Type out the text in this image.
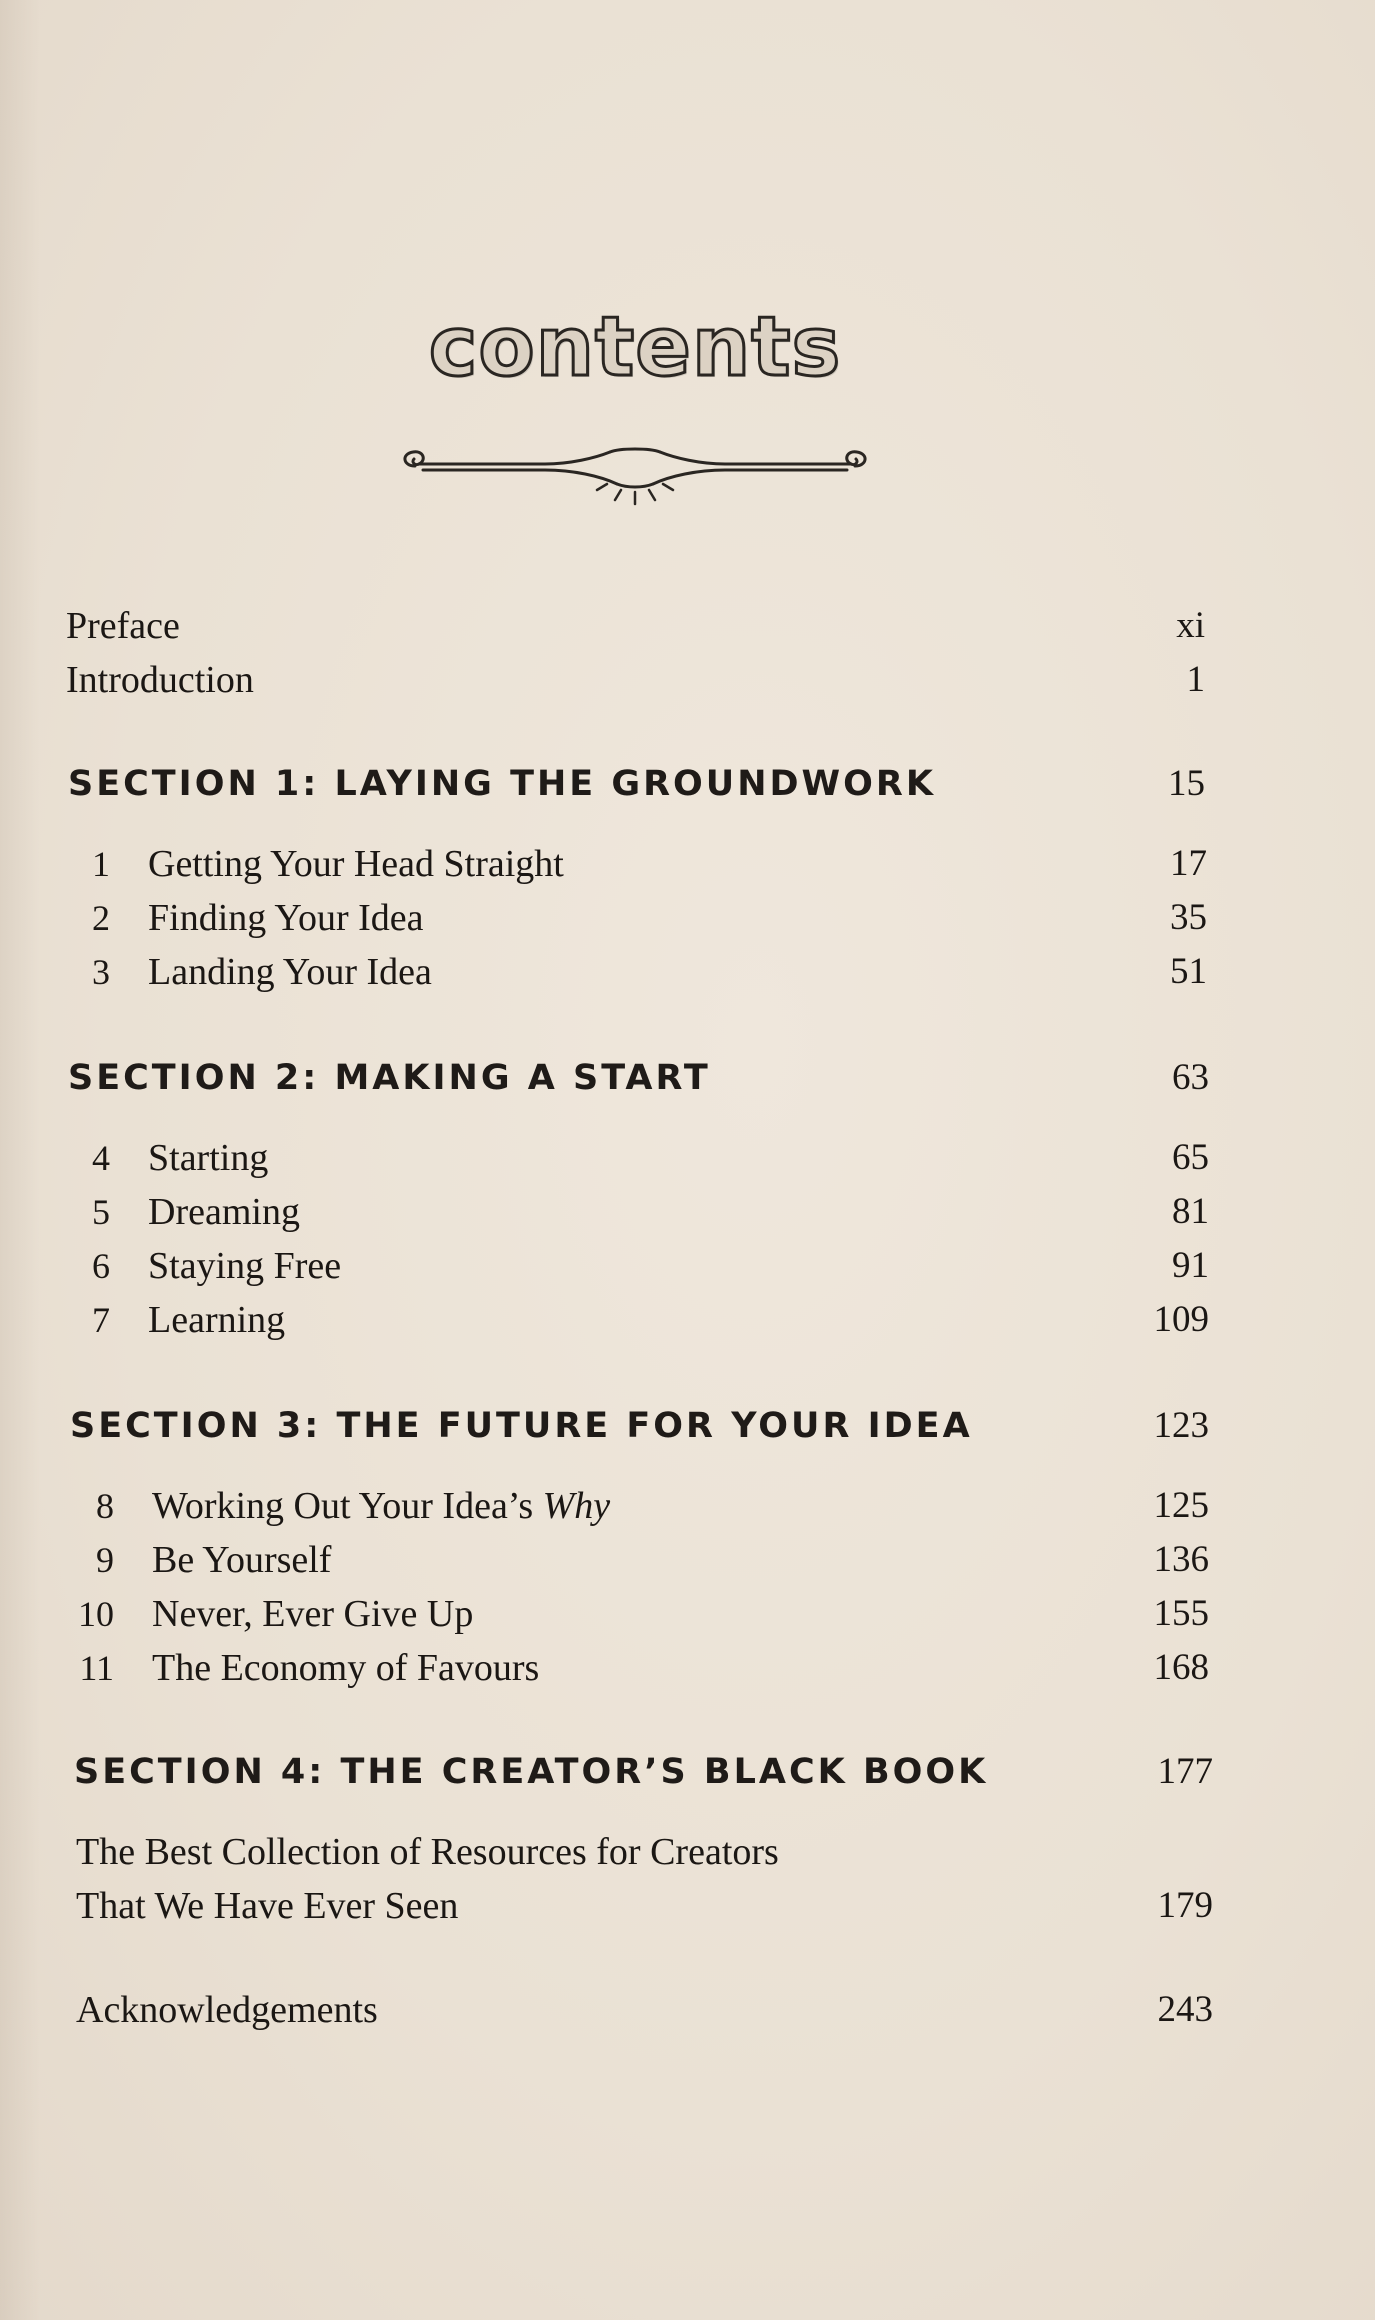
contents
Preface	xi
Introduction	1
SECTION 1: LAYING THE GROUNDWORK	15
1 Getting Your Head Straight	17
2 Finding Your Idea	35
3 Landing Your Idea	51
SECTION 2: MAKING A START	63
4 Starting	65
5 Dreaming	81
6 Staying Free	91
7 Learning	109
SECTION 3: THE FUTURE FOR YOUR IDEA	123
8 Working Out Your Idea’s Why	125
9 Be Yourself	136
10 Never, Ever Give Up	155
11 The Economy of Favours	168
SECTION 4: THE CREATOR’S BLACK BOOK	177
The Best Collection of Resources for Creators
That We Have Ever Seen	179
Acknowledgements	243
